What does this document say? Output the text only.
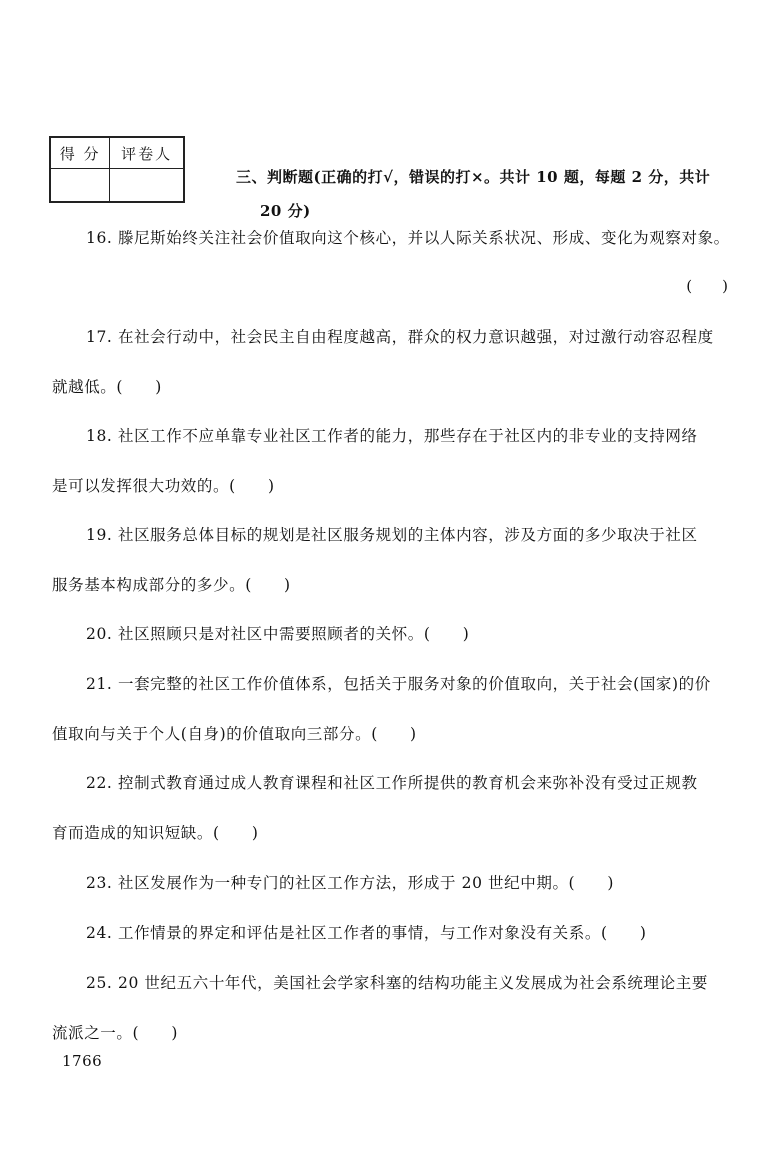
得 分	评卷人

三、判断题(正确的打√，错误的打×。共计 10 题，每题 2 分，共计
20 分)
16. 滕尼斯始终关注社会价值取向这个核心，并以人际关系状况、形成、变化为观察对象。
(　　)
17. 在社会行动中，社会民主自由程度越高，群众的权力意识越强，对过激行动容忍程度
就越低。(　　)
18. 社区工作不应单靠专业社区工作者的能力，那些存在于社区内的非专业的支持网络
是可以发挥很大功效的。(　　)
19. 社区服务总体目标的规划是社区服务规划的主体内容，涉及方面的多少取决于社区
服务基本构成部分的多少。(　　)
20. 社区照顾只是对社区中需要照顾者的关怀。(　　)
21. 一套完整的社区工作价值体系，包括关于服务对象的价值取向，关于社会(国家)的价
值取向与关于个人(自身)的价值取向三部分。(　　)
22. 控制式教育通过成人教育课程和社区工作所提供的教育机会来弥补没有受过正规教
育而造成的知识短缺。(　　)
23. 社区发展作为一种专门的社区工作方法，形成于 20 世纪中期。(　　)
24. 工作情景的界定和评估是社区工作者的事情，与工作对象没有关系。(　　)
25. 20 世纪五六十年代，美国社会学家科塞的结构功能主义发展成为社会系统理论主要
流派之一。(　　)
1766
